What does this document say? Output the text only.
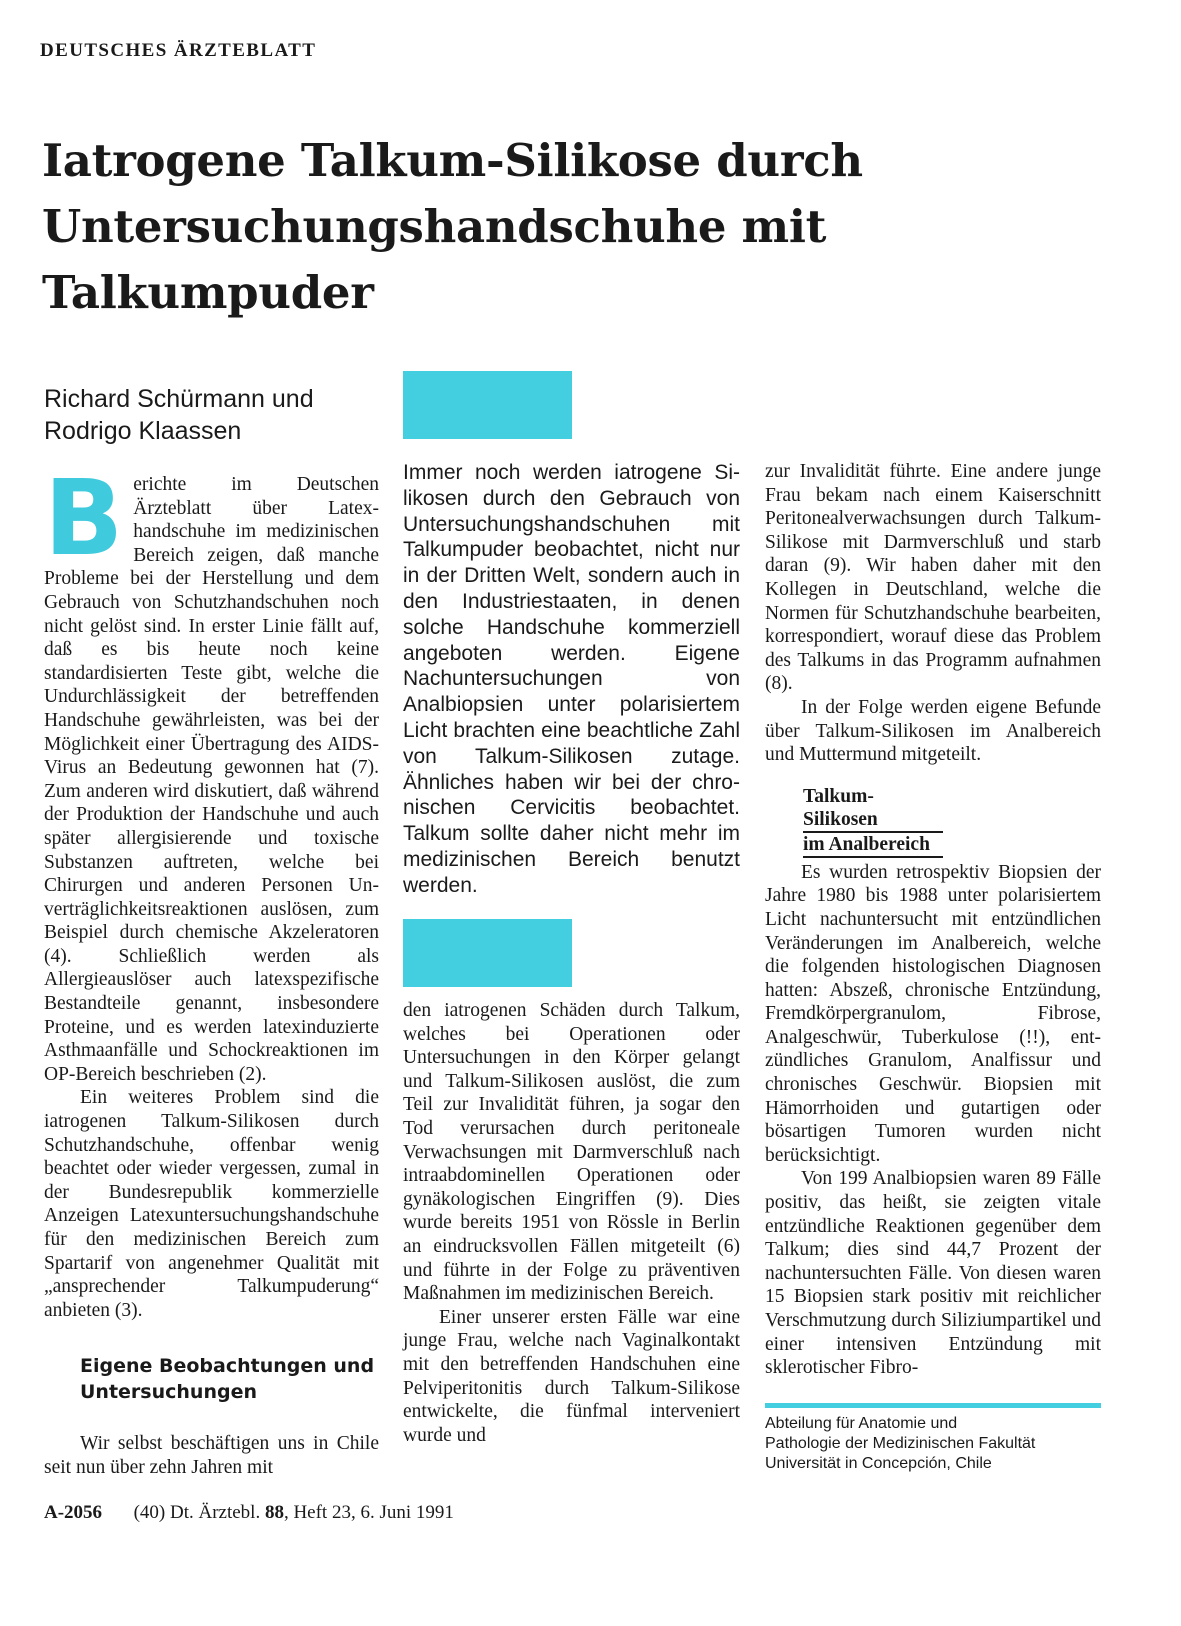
DEUTSCHES ÄRZTEBLATT
Iatrogene Talkum-Silikose durch Untersuchungshandschuhe mit Talkumpuder
Richard Schürmann und
Rodrigo Klaassen
B erichte im Deutschen Ärzteblatt über Latexhandschuhe im medizinischen Bereich zeigen, daß manche Probleme bei der Herstellung und dem Gebrauch von Schutzhandschuhen noch nicht gelöst sind. In erster Linie fällt auf, daß es bis heute noch keine standardisierten Teste gibt, welche die Undurchlässigkeit der betreffenden Handschuhe gewährleisten, was bei der Möglichkeit einer Übertragung des AIDS-Virus an Bedeutung gewonnen hat (7). Zum anderen wird diskutiert, daß während der Produktion der Handschuhe und auch später allergisierende und toxische Substanzen auftreten, welche bei Chirurgen und anderen Personen Unverträglichkeitsreaktionen auslösen, zum Beispiel durch chemische Akzeleratoren (4). Schließlich werden als Allergieauslöser auch latexspezifische Bestandteile genannt, insbesondere Proteine, und es werden latexinduzierte Asthmaanfälle und Schockreaktionen im OP-Bereich beschrieben (2).

Ein weiteres Problem sind die iatrogenen Talkum-Silikosen durch Schutzhandschuhe, offenbar wenig beachtet oder wieder vergessen, zumal in der Bundesrepublik kommerzielle Anzeigen Latexuntersuchungshandschuhe für den medizinischen Bereich zum Spartarif von angenehmer Qualität mit „ansprechender Talkumpuderung“ anbieten (3).

Eigene Beobachtungen und Untersuchungen

Wir selbst beschäftigen uns in Chile seit nun über zehn Jahren mit

Immer noch werden iatrogene Silikosen durch den Gebrauch von Untersuchungshandschuhen mit Talkumpuder beobachtet, nicht nur in der Dritten Welt, sondern auch in den Industriestaaten, in denen solche Handschuhe kommerziell angeboten werden. Eigene Nachuntersuchungen von Analbiopsien unter polarisiertem Licht brachten eine beachtliche Zahl von Talkum-Silikosen zutage. Ähnliches haben wir bei der chronischen Cervicitis beobachtet. Talkum sollte daher nicht mehr im medizinischen Bereich benutzt werden.

den iatrogenen Schäden durch Talkum, welches bei Operationen oder Untersuchungen in den Körper gelangt und Talkum-Silikosen auslöst, die zum Teil zur Invalidität führen, ja sogar den Tod verursachen durch peritoneale Verwachsungen mit Darmverschluß nach intraabdominellen Operationen oder gynäkologischen Eingriffen (9). Dies wurde bereits 1951 von Rössle in Berlin an eindrucksvollen Fällen mitgeteilt (6) und führte in der Folge zu präventiven Maßnahmen im medizinischen Bereich.

Einer unserer ersten Fälle war eine junge Frau, welche nach Vaginalkontakt mit den betreffenden Handschuhen eine Pelviperitonitis durch Talkum-Silikose entwickelte, die fünfmal interveniert wurde und

zur Invalidität führte. Eine andere junge Frau bekam nach einem Kaiserschnitt Peritonealverwachsungen durch Talkum-Silikose mit Darmverschluß und starb daran (9). Wir haben daher mit den Kollegen in Deutschland, welche die Normen für Schutzhandschuhe bearbeiten, korrespondiert, worauf diese das Problem des Talkums in das Programm aufnahmen (8).

In der Folge werden eigene Befunde über Talkum-Silikosen im Analbereich und Muttermund mitgeteilt.

Talkum-Silikosen
im Analbereich

Es wurden retrospektiv Biopsien der Jahre 1980 bis 1988 unter polarisiertem Licht nachuntersucht mit entzündlichen Veränderungen im Analbereich, welche die folgenden histologischen Diagnosen hatten: Abszeß, chronische Entzündung, Fremdkörpergranulom, Fibrose, Analgeschwür, Tuberkulose (!!), entzündliches Granulom, Analfissur und chronisches Geschwür. Biopsien mit Hämorrhoiden und gutartigen oder bösartigen Tumoren wurden nicht berücksichtigt.

Von 199 Analbiopsien waren 89 Fälle positiv, das heißt, sie zeigten vitale entzündliche Reaktionen gegenüber dem Talkum; dies sind 44,7 Prozent der nachuntersuchten Fälle. Von diesen waren 15 Biopsien stark positiv mit reichlicher Verschmutzung durch Siliziumpartikel und einer intensiven Entzündung mit sklerotischer Fibro-

Abteilung für Anatomie und
Pathologie der Medizinischen Fakultät
Universität in Concepción, Chile
A-2056 (40) Dt. Ärztebl. 88, Heft 23, 6. Juni 1991
